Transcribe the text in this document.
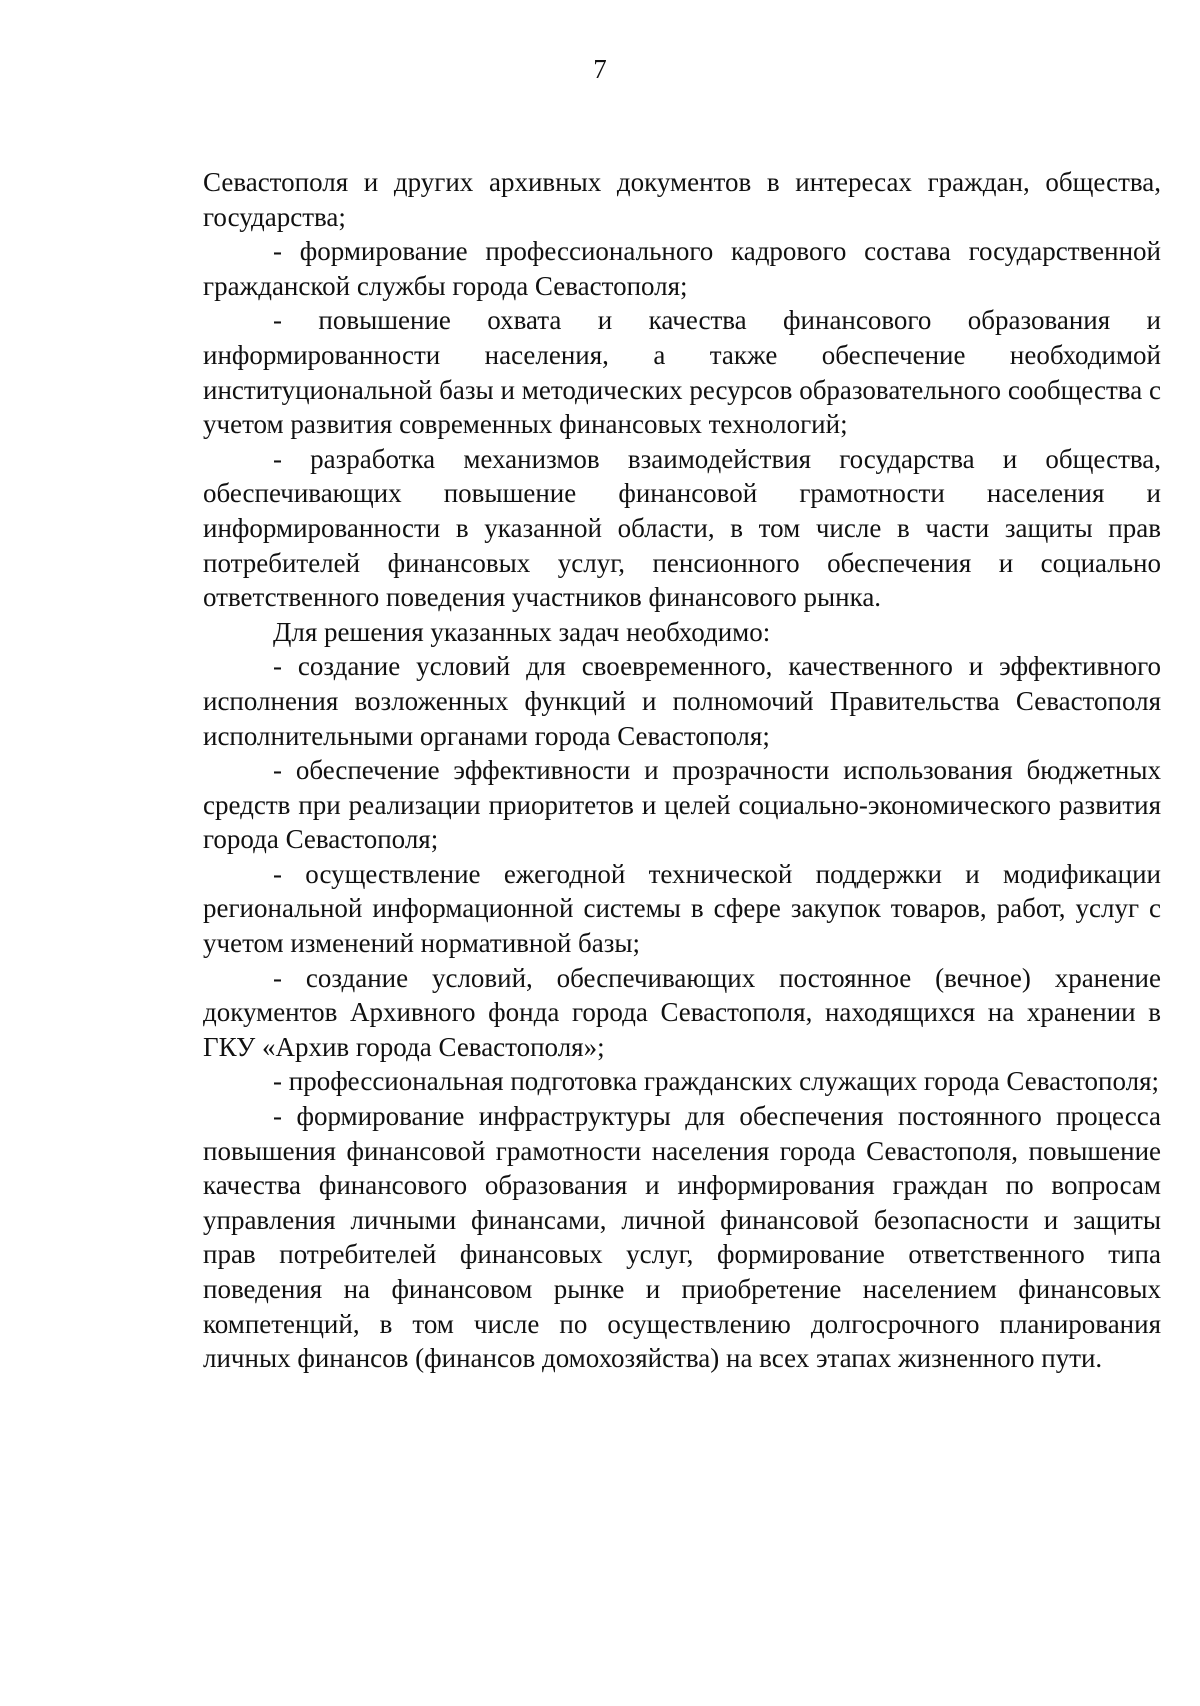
7

Севастополя и других архивных документов в интересах граждан, общества, государства;

- формирование профессионального кадрового состава государственной гражданской службы города Севастополя;

- повышение охвата и качества финансового образования и информированности населения, а также обеспечение необходимой институциональной базы и методических ресурсов образовательного сообщества с учетом развития современных финансовых технологий;

- разработка механизмов взаимодействия государства и общества, обеспечивающих повышение финансовой грамотности населения и информированности в указанной области, в том числе в части защиты прав потребителей финансовых услуг, пенсионного обеспечения и социально ответственного поведения участников финансового рынка.

Для решения указанных задач необходимо:

- создание условий для своевременного, качественного и эффективного исполнения возложенных функций и полномочий Правительства Севастополя исполнительными органами города Севастополя;

- обеспечение эффективности и прозрачности использования бюджетных средств при реализации приоритетов и целей социально-экономического развития города Севастополя;

- осуществление ежегодной технической поддержки и модификации региональной информационной системы в сфере закупок товаров, работ, услуг с учетом изменений нормативной базы;

- создание условий, обеспечивающих постоянное (вечное) хранение документов Архивного фонда города Севастополя, находящихся на хранении в ГКУ «Архив города Севастополя»;

- профессиональная подготовка гражданских служащих города Севастополя;

- формирование инфраструктуры для обеспечения постоянного процесса повышения финансовой грамотности населения города Севастополя, повышение качества финансового образования и информирования граждан по вопросам управления личными финансами, личной финансовой безопасности и защиты прав потребителей финансовых услуг, формирование ответственного типа поведения на финансовом рынке и приобретение населением финансовых компетенций, в том числе по осуществлению долгосрочного планирования личных финансов (финансов домохозяйства) на всех этапах жизненного пути.
